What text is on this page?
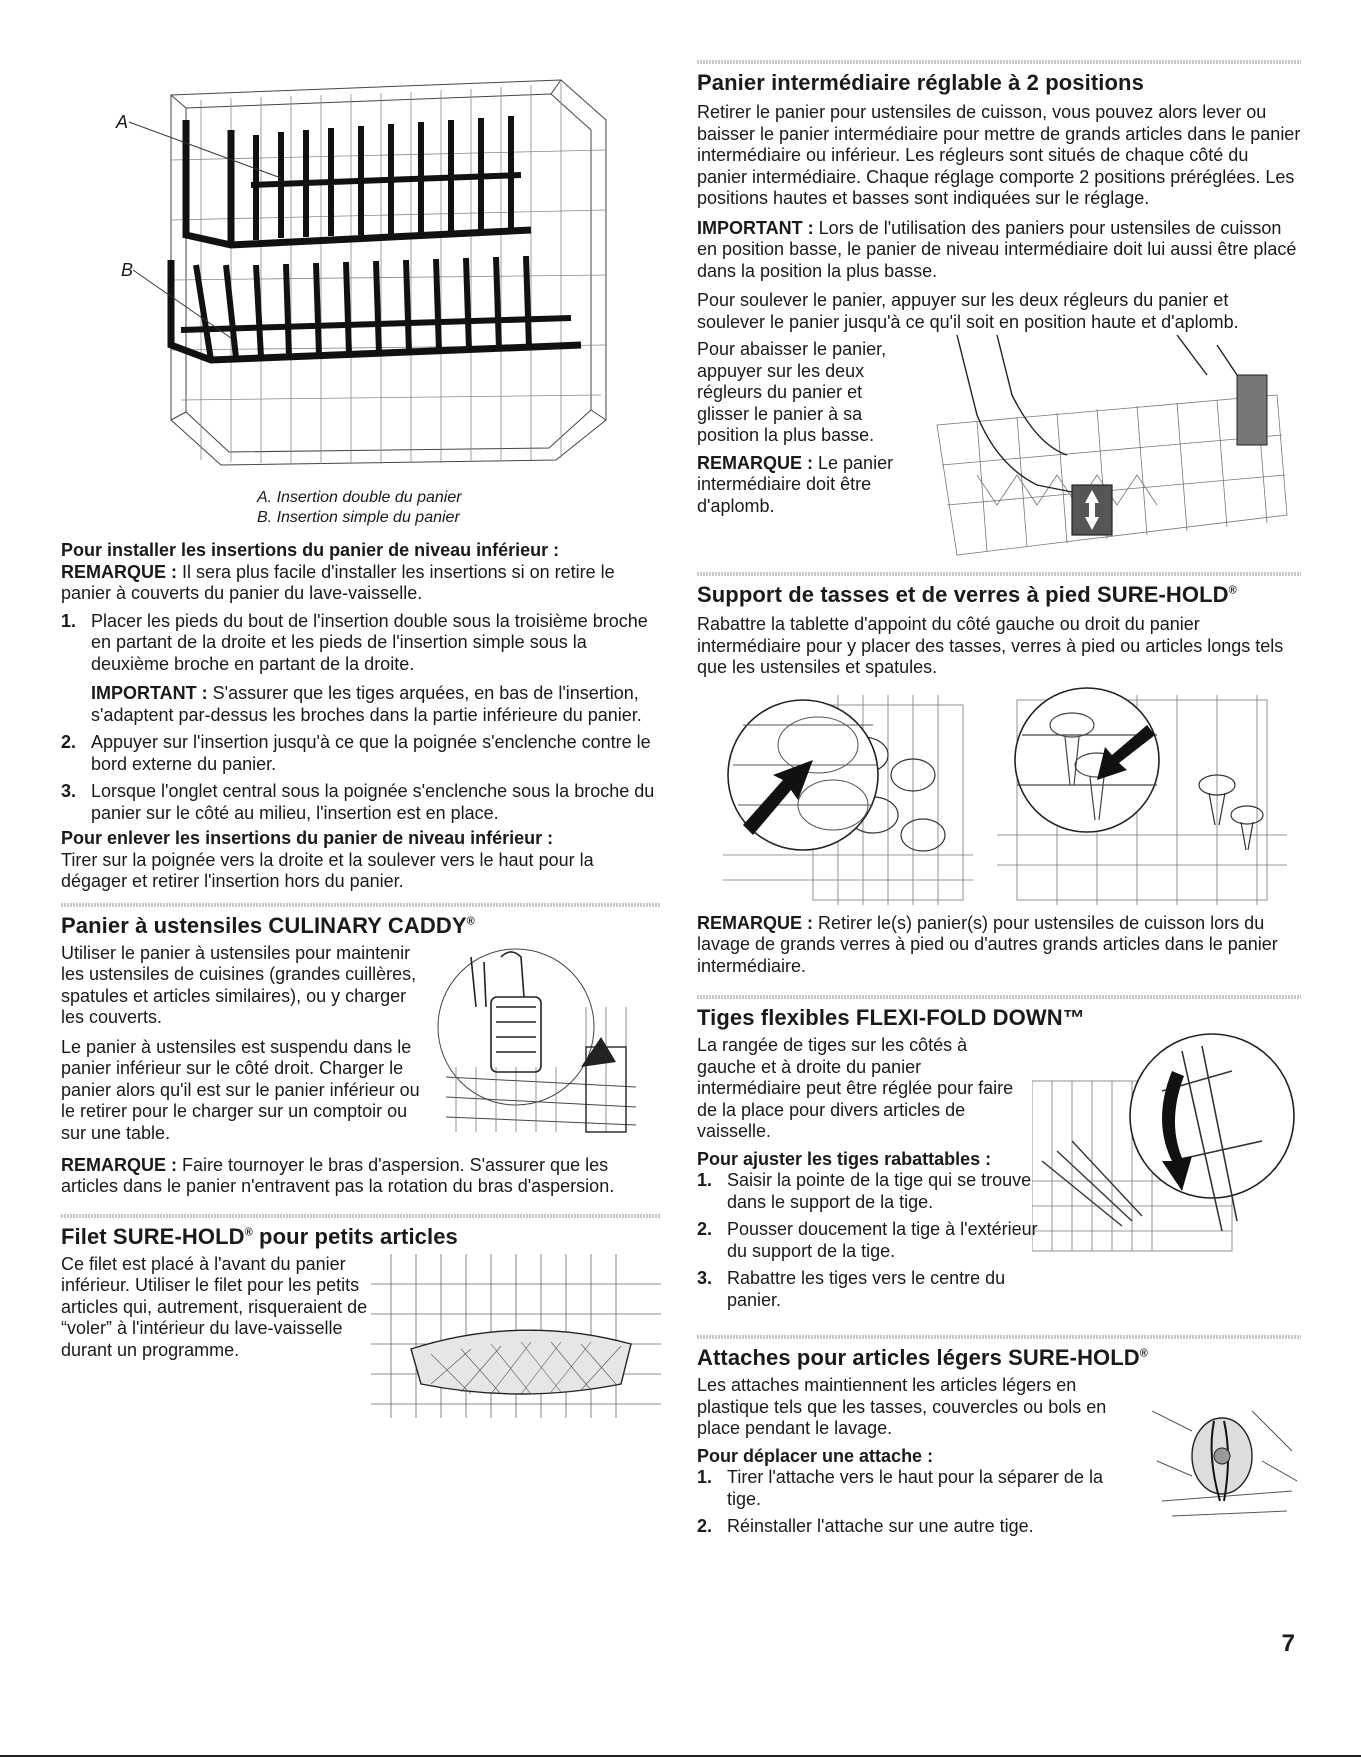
A
B
A. Insertion double du panier
B. Insertion simple du panier

Pour installer les insertions du panier de niveau inférieur :

REMARQUE : Il sera plus facile d'installer les insertions si on retire le panier à couverts du panier du lave-vaisselle.

1. Placer les pieds du bout de l'insertion double sous la troisième broche en partant de la droite et les pieds de l'insertion simple sous la deuxième broche en partant de la droite.

IMPORTANT : S'assurer que les tiges arquées, en bas de l'insertion, s'adaptent par-dessus les broches dans la partie inférieure du panier.

2. Appuyer sur l'insertion jusqu'à ce que la poignée s'enclenche contre le bord externe du panier.
3. Lorsque l'onglet central sous la poignée s'enclenche sous la broche du panier sur le côté au milieu, l'insertion est en place.

Pour enlever les insertions du panier de niveau inférieur :

Tirer sur la poignée vers la droite et la soulever vers le haut pour la dégager et retirer l'insertion hors du panier.

Panier à ustensiles CULINARY CADDY®

Utiliser le panier à ustensiles pour maintenir les ustensiles de cuisines (grandes cuillères, spatules et articles similaires), ou y charger les couverts.

Le panier à ustensiles est suspendu dans le panier inférieur sur le côté droit. Charger le panier alors qu'il est sur le panier inférieur ou le retirer pour le charger sur un comptoir ou sur une table.

REMARQUE : Faire tournoyer le bras d'aspersion. S'assurer que les articles dans le panier n'entravent pas la rotation du bras d'aspersion.

Filet SURE-HOLD® pour petits articles

Ce filet est placé à l'avant du panier inférieur. Utiliser le filet pour les petits articles qui, autrement, risqueraient de “voler” à l'intérieur du lave-vaisselle durant un programme.

Panier intermédiaire réglable à 2 positions

Retirer le panier pour ustensiles de cuisson, vous pouvez alors lever ou baisser le panier intermédiaire pour mettre de grands articles dans le panier intermédiaire ou inférieur. Les régleurs sont situés de chaque côté du panier intermédiaire. Chaque réglage comporte 2 positions préréglées. Les positions hautes et basses sont indiquées sur le réglage.

IMPORTANT : Lors de l'utilisation des paniers pour ustensiles de cuisson en position basse, le panier de niveau intermédiaire doit lui aussi être placé dans la position la plus basse.

Pour soulever le panier, appuyer sur les deux régleurs du panier et soulever le panier jusqu'à ce qu'il soit en position haute et d'aplomb.

Pour abaisser le panier, appuyer sur les deux régleurs du panier et glisser le panier à sa position la plus basse.

REMARQUE : Le panier intermédiaire doit être d'aplomb.

Support de tasses et de verres à pied SURE-HOLD®

Rabattre la tablette d'appoint du côté gauche ou droit du panier intermédiaire pour y placer des tasses, verres à pied ou articles longs tels que les ustensiles et spatules.

REMARQUE : Retirer le(s) panier(s) pour ustensiles de cuisson lors du lavage de grands verres à pied ou d'autres grands articles dans le panier intermédiaire.

Tiges flexibles FLEXI-FOLD DOWN™

La rangée de tiges sur les côtés à gauche et à droite du panier intermédiaire peut être réglée pour faire de la place pour divers articles de vaisselle.

Pour ajuster les tiges rabattables :

1. Saisir la pointe de la tige qui se trouve dans le support de la tige.
2. Pousser doucement la tige à l'extérieur du support de la tige.
3. Rabattre les tiges vers le centre du panier.
Attaches pour articles légers SURE-HOLD®

Les attaches maintiennent les articles légers en plastique tels que les tasses, couvercles ou bols en place pendant le lavage.

Pour déplacer une attache :

1. Tirer l'attache vers le haut pour la séparer de la tige.
2. Réinstaller l'attache sur une autre tige.
7
